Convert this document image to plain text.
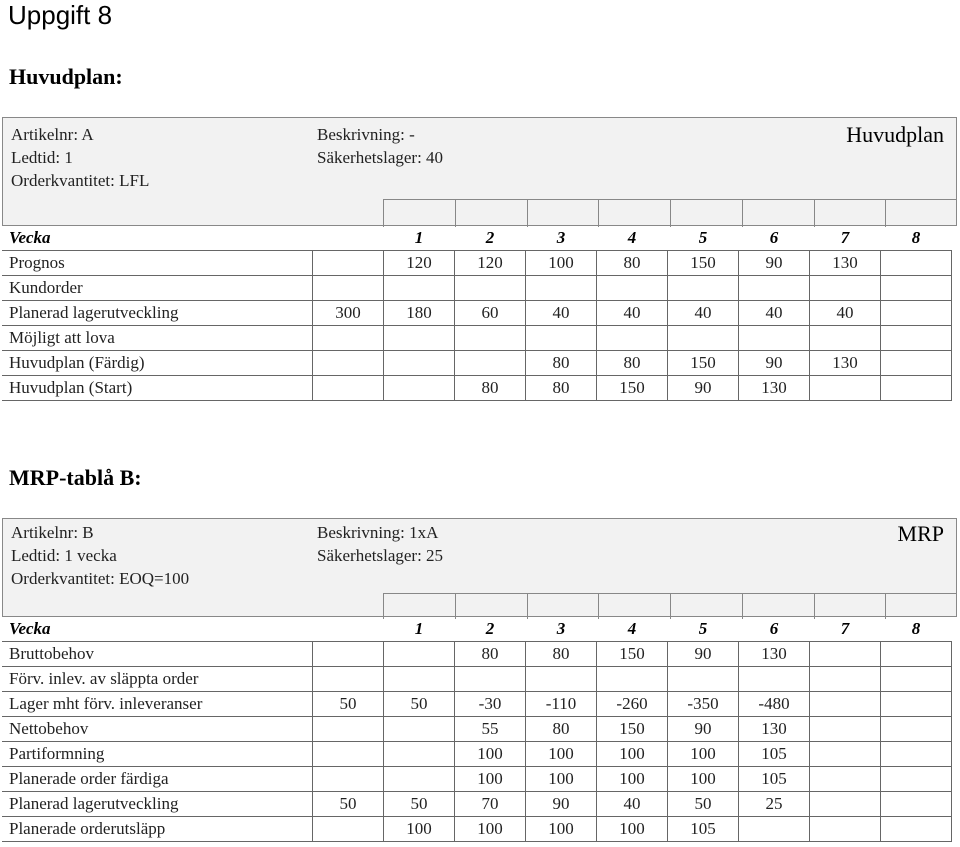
Uppgift 8
Huvudplan:
Artikelnr: A
Ledtid: 1
Orderkvantitet: LFL
Beskrivning: -
Säkerhetslager: 40
Huvudplan
Vecka		1	2	3	4	5	6	7	8
Prognos		120	120	100	80	150	90	130	
Kundorder									
Planerad lagerutveckling	300	180	60	40	40	40	40	40	
Möjligt att lova									
Huvudplan (Färdig)				80	80	150	90	130	
Huvudplan (Start)			80	80	150	90	130		
MRP-tablå B:
Artikelnr: B
Ledtid: 1 vecka
Orderkvantitet: EOQ=100
Beskrivning: 1xA
Säkerhetslager: 25
MRP
Vecka		1	2	3	4	5	6	7	8
Bruttobehov			80	80	150	90	130		
Förv. inlev. av släppta order									
Lager mht förv. inleveranser	50	50	-30	-110	-260	-350	-480		
Nettobehov			55	80	150	90	130		
Partiformning			100	100	100	100	105		
Planerade order färdiga			100	100	100	100	105		
Planerad lagerutveckling	50	50	70	90	40	50	25		
Planerade orderutsläpp		100	100	100	100	105			
